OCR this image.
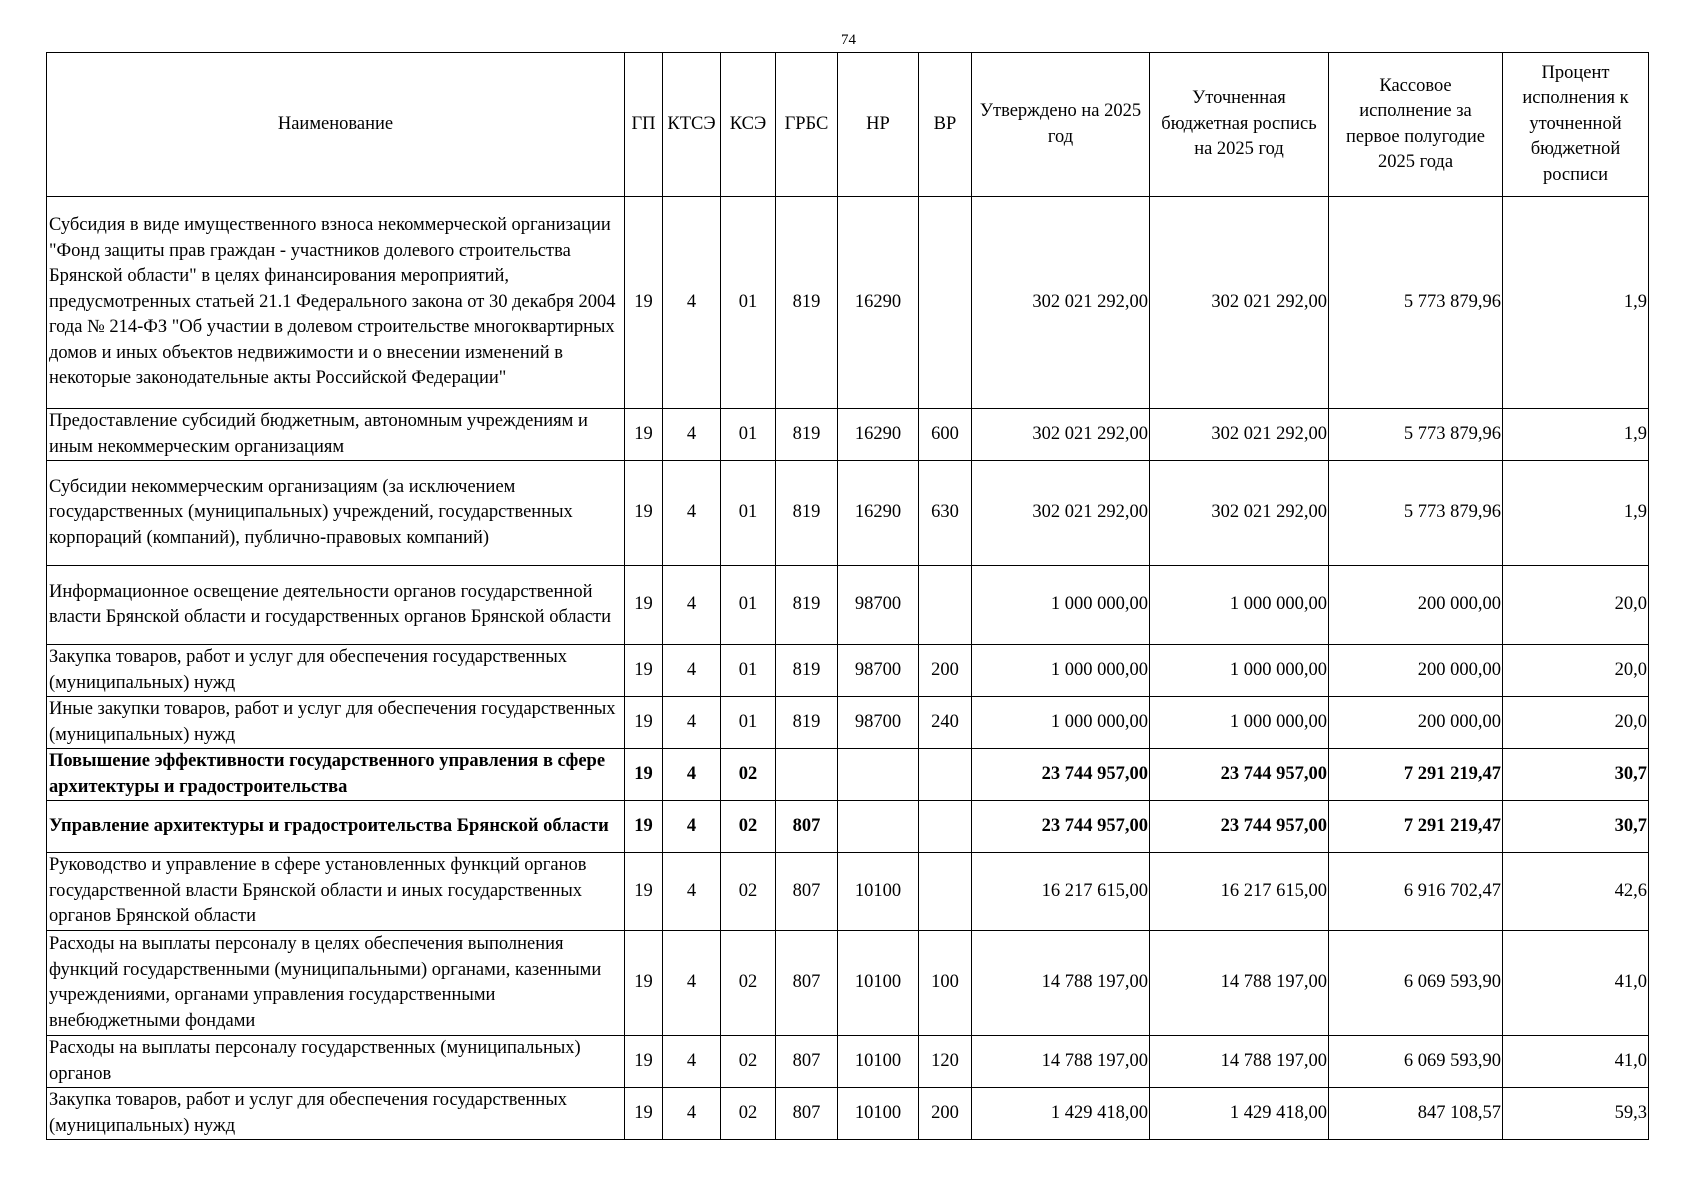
74
Наименование	ГП	КТСЭ	КСЭ	ГРБС	НР	ВР	Утверждено на 2025 год	Уточненная бюджетная роспись на 2025 год	Кассовое исполнение за первое полугодие 2025 года	Процент исполнения к уточненной бюджетной росписи
Субсидия в виде имущественного взноса некоммерческой организации "Фонд защиты прав граждан - участников долевого строительства Брянской области" в целях финансирования мероприятий, предусмотренных статьей 21.1 Федерального закона от 30 декабря 2004 года № 214-ФЗ "Об участии в долевом строительстве многоквартирных домов и иных объектов недвижимости и о внесении изменений в некоторые законодательные акты Российской Федерации"	19	4	01	819	16290		302 021 292,00	302 021 292,00	5 773 879,96	1,9
Предоставление субсидий бюджетным, автономным учреждениям и иным некоммерческим организациям	19	4	01	819	16290	600	302 021 292,00	302 021 292,00	5 773 879,96	1,9
Субсидии некоммерческим организациям (за исключением государственных (муниципальных) учреждений, государственных корпораций (компаний), публично-правовых компаний)	19	4	01	819	16290	630	302 021 292,00	302 021 292,00	5 773 879,96	1,9
Информационное освещение деятельности органов государственной власти Брянской области и государственных органов Брянской области	19	4	01	819	98700		1 000 000,00	1 000 000,00	200 000,00	20,0
Закупка товаров, работ и услуг для обеспечения государственных (муниципальных) нужд	19	4	01	819	98700	200	1 000 000,00	1 000 000,00	200 000,00	20,0
Иные закупки товаров, работ и услуг для обеспечения государственных (муниципальных) нужд	19	4	01	819	98700	240	1 000 000,00	1 000 000,00	200 000,00	20,0
Повышение эффективности государственного управления в сфере архитектуры и градостроительства	19	4	02				23 744 957,00	23 744 957,00	7 291 219,47	30,7
Управление архитектуры и градостроительства Брянской области	19	4	02	807			23 744 957,00	23 744 957,00	7 291 219,47	30,7
Руководство и управление в сфере установленных функций органов государственной власти Брянской области и иных государственных органов Брянской области	19	4	02	807	10100		16 217 615,00	16 217 615,00	6 916 702,47	42,6
Расходы на выплаты персоналу в целях обеспечения выполнения функций государственными (муниципальными) органами, казенными учреждениями, органами управления государственными внебюджетными фондами	19	4	02	807	10100	100	14 788 197,00	14 788 197,00	6 069 593,90	41,0
Расходы на выплаты персоналу государственных (муниципальных) органов	19	4	02	807	10100	120	14 788 197,00	14 788 197,00	6 069 593,90	41,0
Закупка товаров, работ и услуг для обеспечения государственных (муниципальных) нужд	19	4	02	807	10100	200	1 429 418,00	1 429 418,00	847 108,57	59,3
